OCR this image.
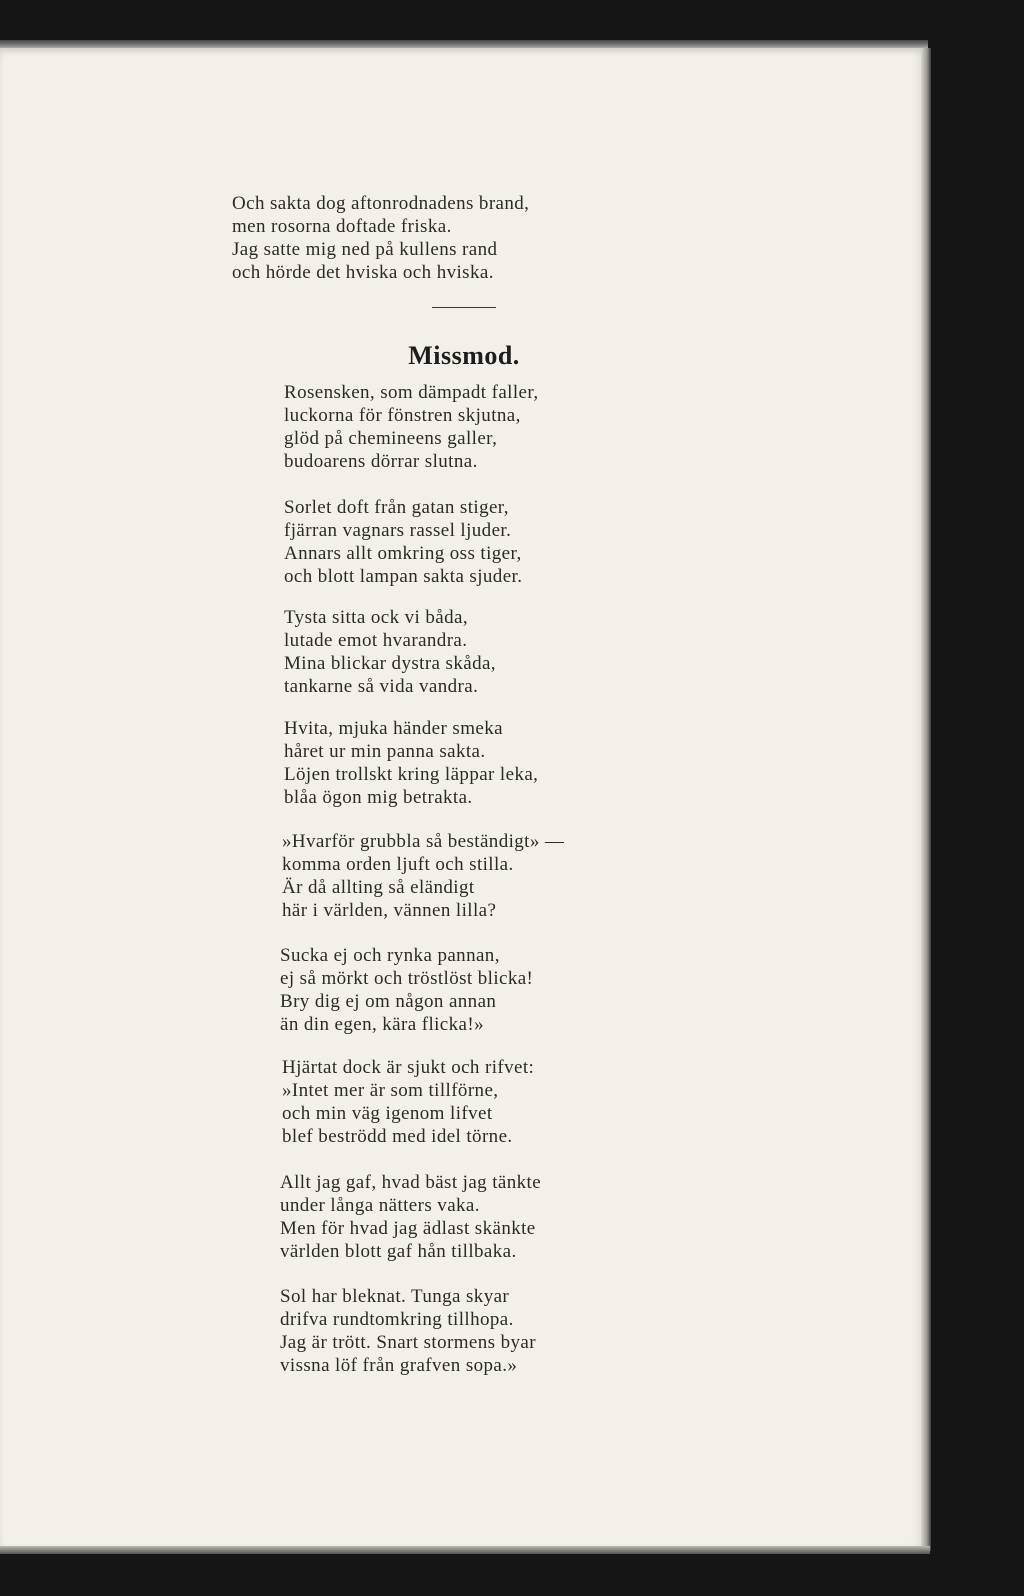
Och sakta dog aftonrodnadens brand,
men rosorna doftade friska.
Jag satte mig ned på kullens rand
och hörde det hviska och hviska.
Missmod.
Rosensken, som dämpadt faller,
luckorna för fönstren skjutna,
glöd på chemineens galler,
budoarens dörrar slutna.
Sorlet doft från gatan stiger,
fjärran vagnars rassel ljuder.
Annars allt omkring oss tiger,
och blott lampan sakta sjuder.
Tysta sitta ock vi båda,
lutade emot hvarandra.
Mina blickar dystra skåda,
tankarne så vida vandra.
Hvita, mjuka händer smeka
håret ur min panna sakta.
Löjen trollskt kring läppar leka,
blåa ögon mig betrakta.
»Hvarför grubbla så beständigt» —
komma orden ljuft och stilla.
Är då allting så eländigt
här i världen, vännen lilla?
Sucka ej och rynka pannan,
ej så mörkt och tröstlöst blicka!
Bry dig ej om någon annan
än din egen, kära flicka!»
Hjärtat dock är sjukt och rifvet:
»Intet mer är som tillförne,
och min väg igenom lifvet
blef beströdd med idel törne.
Allt jag gaf, hvad bäst jag tänkte
under långa nätters vaka.
Men för hvad jag ädlast skänkte
världen blott gaf hån tillbaka.
Sol har bleknat. Tunga skyar
drifva rundtomkring tillhopa.
Jag är trött. Snart stormens byar
vissna löf från grafven sopa.»
